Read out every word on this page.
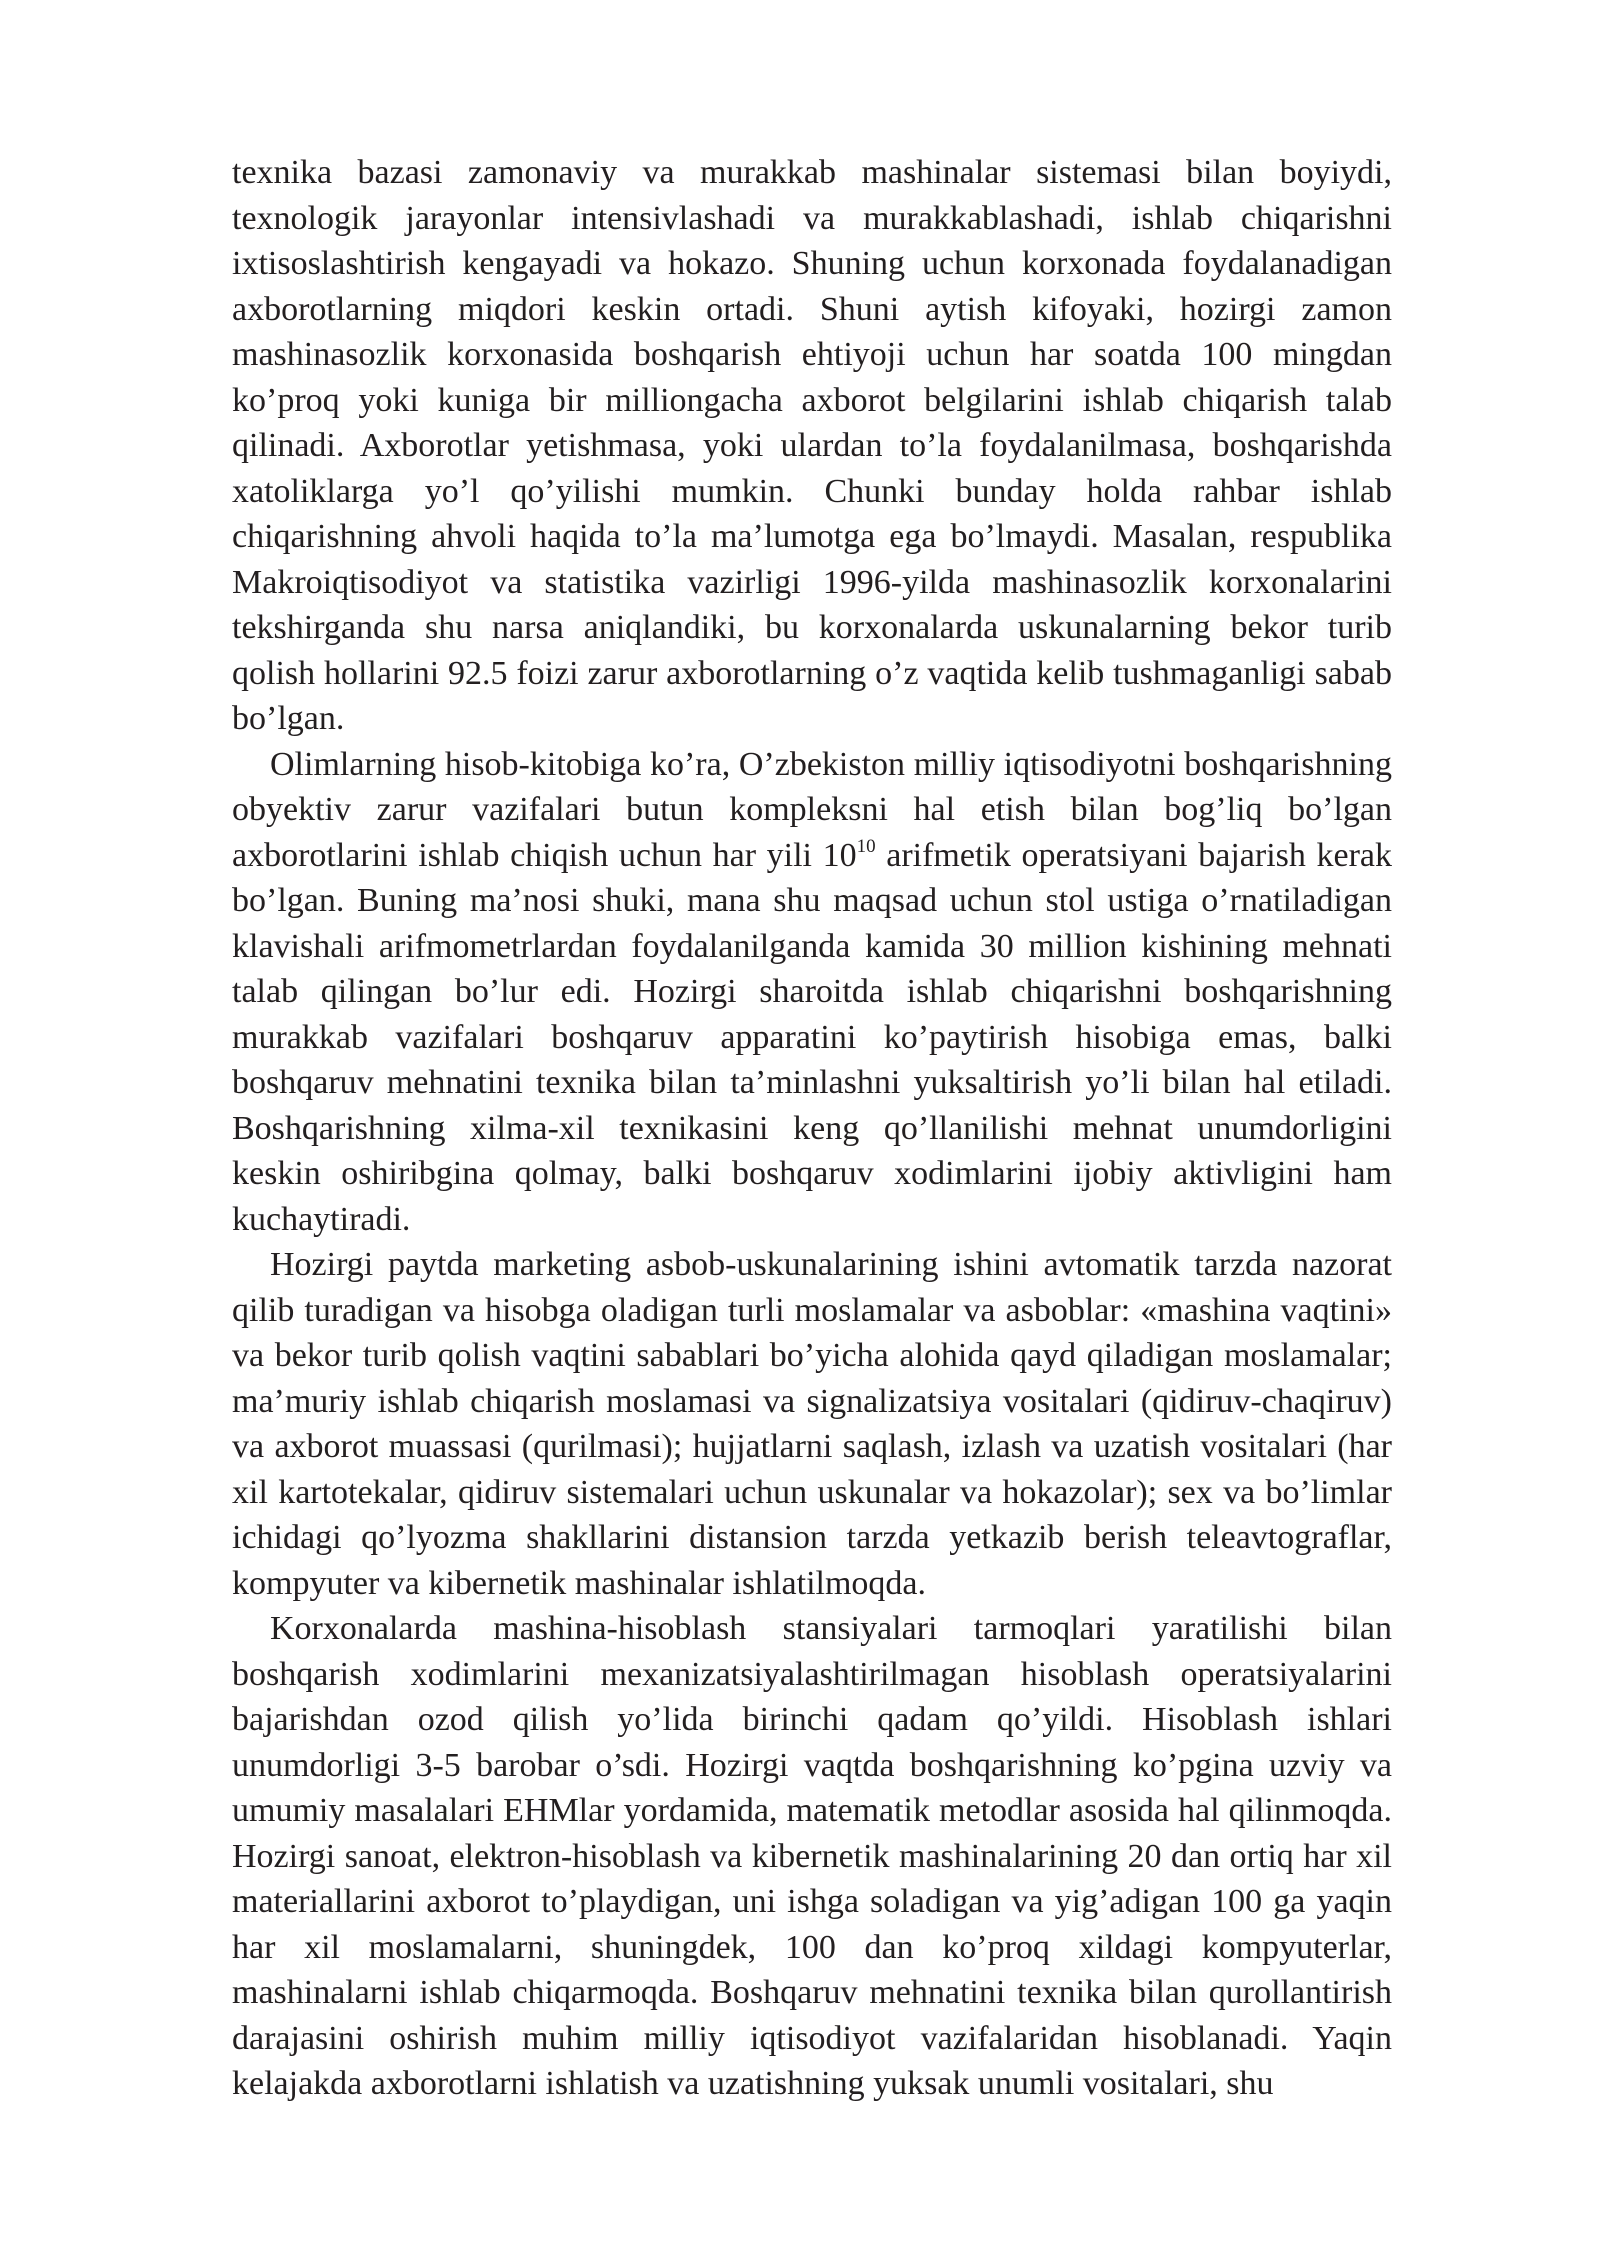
texnika bazasi zamonaviy va murakkab mashinalar sistemasi bilan boyiydi, texnologik jarayonlar intensivlashadi va murakkablashadi, ishlab chiqarishni ixtisoslashtirish kengayadi va hokazo. Shuning uchun korxonada foydalanadigan axborotlarning miqdori keskin ortadi. Shuni aytish kifoyaki, hozirgi zamon mashinasozlik korxonasida boshqarish ehtiyoji uchun har soatda 100 mingdan ko’proq yoki kuniga bir milliongacha axborot belgilarini ishlab chiqarish talab qilinadi. Axborotlar yetishmasa, yoki ulardan to’la foydalanilmasa, boshqarishda xatoliklarga yo’l qo’yilishi mumkin. Chunki bunday holda rahbar ishlab chiqarishning ahvoli haqida to’la ma’lumotga ega bo’lmaydi. Masalan, respublika Makroiqtisodiyot va statistika vazirligi 1996-yilda mashinasozlik korxonalarini tekshirganda shu narsa aniqlandiki, bu korxonalarda uskunalarning bekor turib qolish hollarini 92.5 foizi zarur axborotlarning o’z vaqtida kelib tushmaganligi sabab bo’lgan.

Olimlarning hisob-kitobiga ko’ra, O’zbekiston milliy iqtisodiyotni boshqarishning obyektiv zarur vazifalari butun kompleksni hal etish bilan bog’liq bo’lgan axborotlarini ishlab chiqish uchun har yili $10^{10}$ arifmetik operatsiyani bajarish kerak bo’lgan. Buning ma’nosi shuki, mana shu maqsad uchun stol ustiga o’rnatiladigan klavishali arifmometrlardan foydalanilganda kamida 30 million kishining mehnati talab qilingan bo’lur edi. Hozirgi sharoitda ishlab chiqarishni boshqarishning murakkab vazifalari boshqaruv apparatini ko’paytirish hisobiga emas, balki boshqaruv mehnatini texnika bilan ta’minlashni yuksaltirish yo’li bilan hal etiladi. Boshqarishning xilma-xil texnikasini keng qo’llanilishi mehnat unumdorligini keskin oshiribgina qolmay, balki boshqaruv xodimlarini ijobiy aktivligini ham kuchaytiradi.

Hozirgi paytda marketing asbob-uskunalarining ishini avtomatik tarzda nazorat qilib turadigan va hisobga oladigan turli moslamalar va asboblar: «mashina vaqtini» va bekor turib qolish vaqtini sabablari bo’yicha alohida qayd qiladigan moslamalar; ma’muriy ishlab chiqarish moslamasi va signalizatsiya vositalari (qidiruv-chaqiruv) va axborot muassasi (qurilmasi); hujjatlarni saqlash, izlash va uzatish vositalari (har xil kartotekalar, qidiruv sistemalari uchun uskunalar va hokazolar); sex va bo’limlar ichidagi qo’lyozma shakllarini distansion tarzda yetkazib berish teleavtograflar, kompyuter va kibernetik mashinalar ishlatilmoqda.

Korxonalarda mashina-hisoblash stansiyalari tarmoqlari yaratilishi bilan boshqarish xodimlarini mexanizatsiyalashtirilmagan hisoblash operatsiyalarini bajarishdan ozod qilish yo’lida birinchi qadam qo’yildi. Hisoblash ishlari unumdorligi 3-5 barobar o’sdi. Hozirgi vaqtda boshqarishning ko’pgina uzviy va umumiy masalalari EHMlar yordamida, matematik metodlar asosida hal qilinmoqda. Hozirgi sanoat, elektron-hisoblash va kibernetik mashinalarining 20 dan ortiq har xil materiallarini axborot to’playdigan, uni ishga soladigan va yig’adigan 100 ga yaqin har xil moslamalarni, shuningdek, 100 dan ko’proq xildagi kompyuterlar, mashinalarni ishlab chiqarmoqda. Boshqaruv mehnatini texnika bilan qurollantirish darajasini oshirish muhim milliy iqtisodiyot vazifalaridan hisoblanadi. Yaqin kelajakda axborotlarni ishlatish va uzatishning yuksak unumli vositalari, shu
